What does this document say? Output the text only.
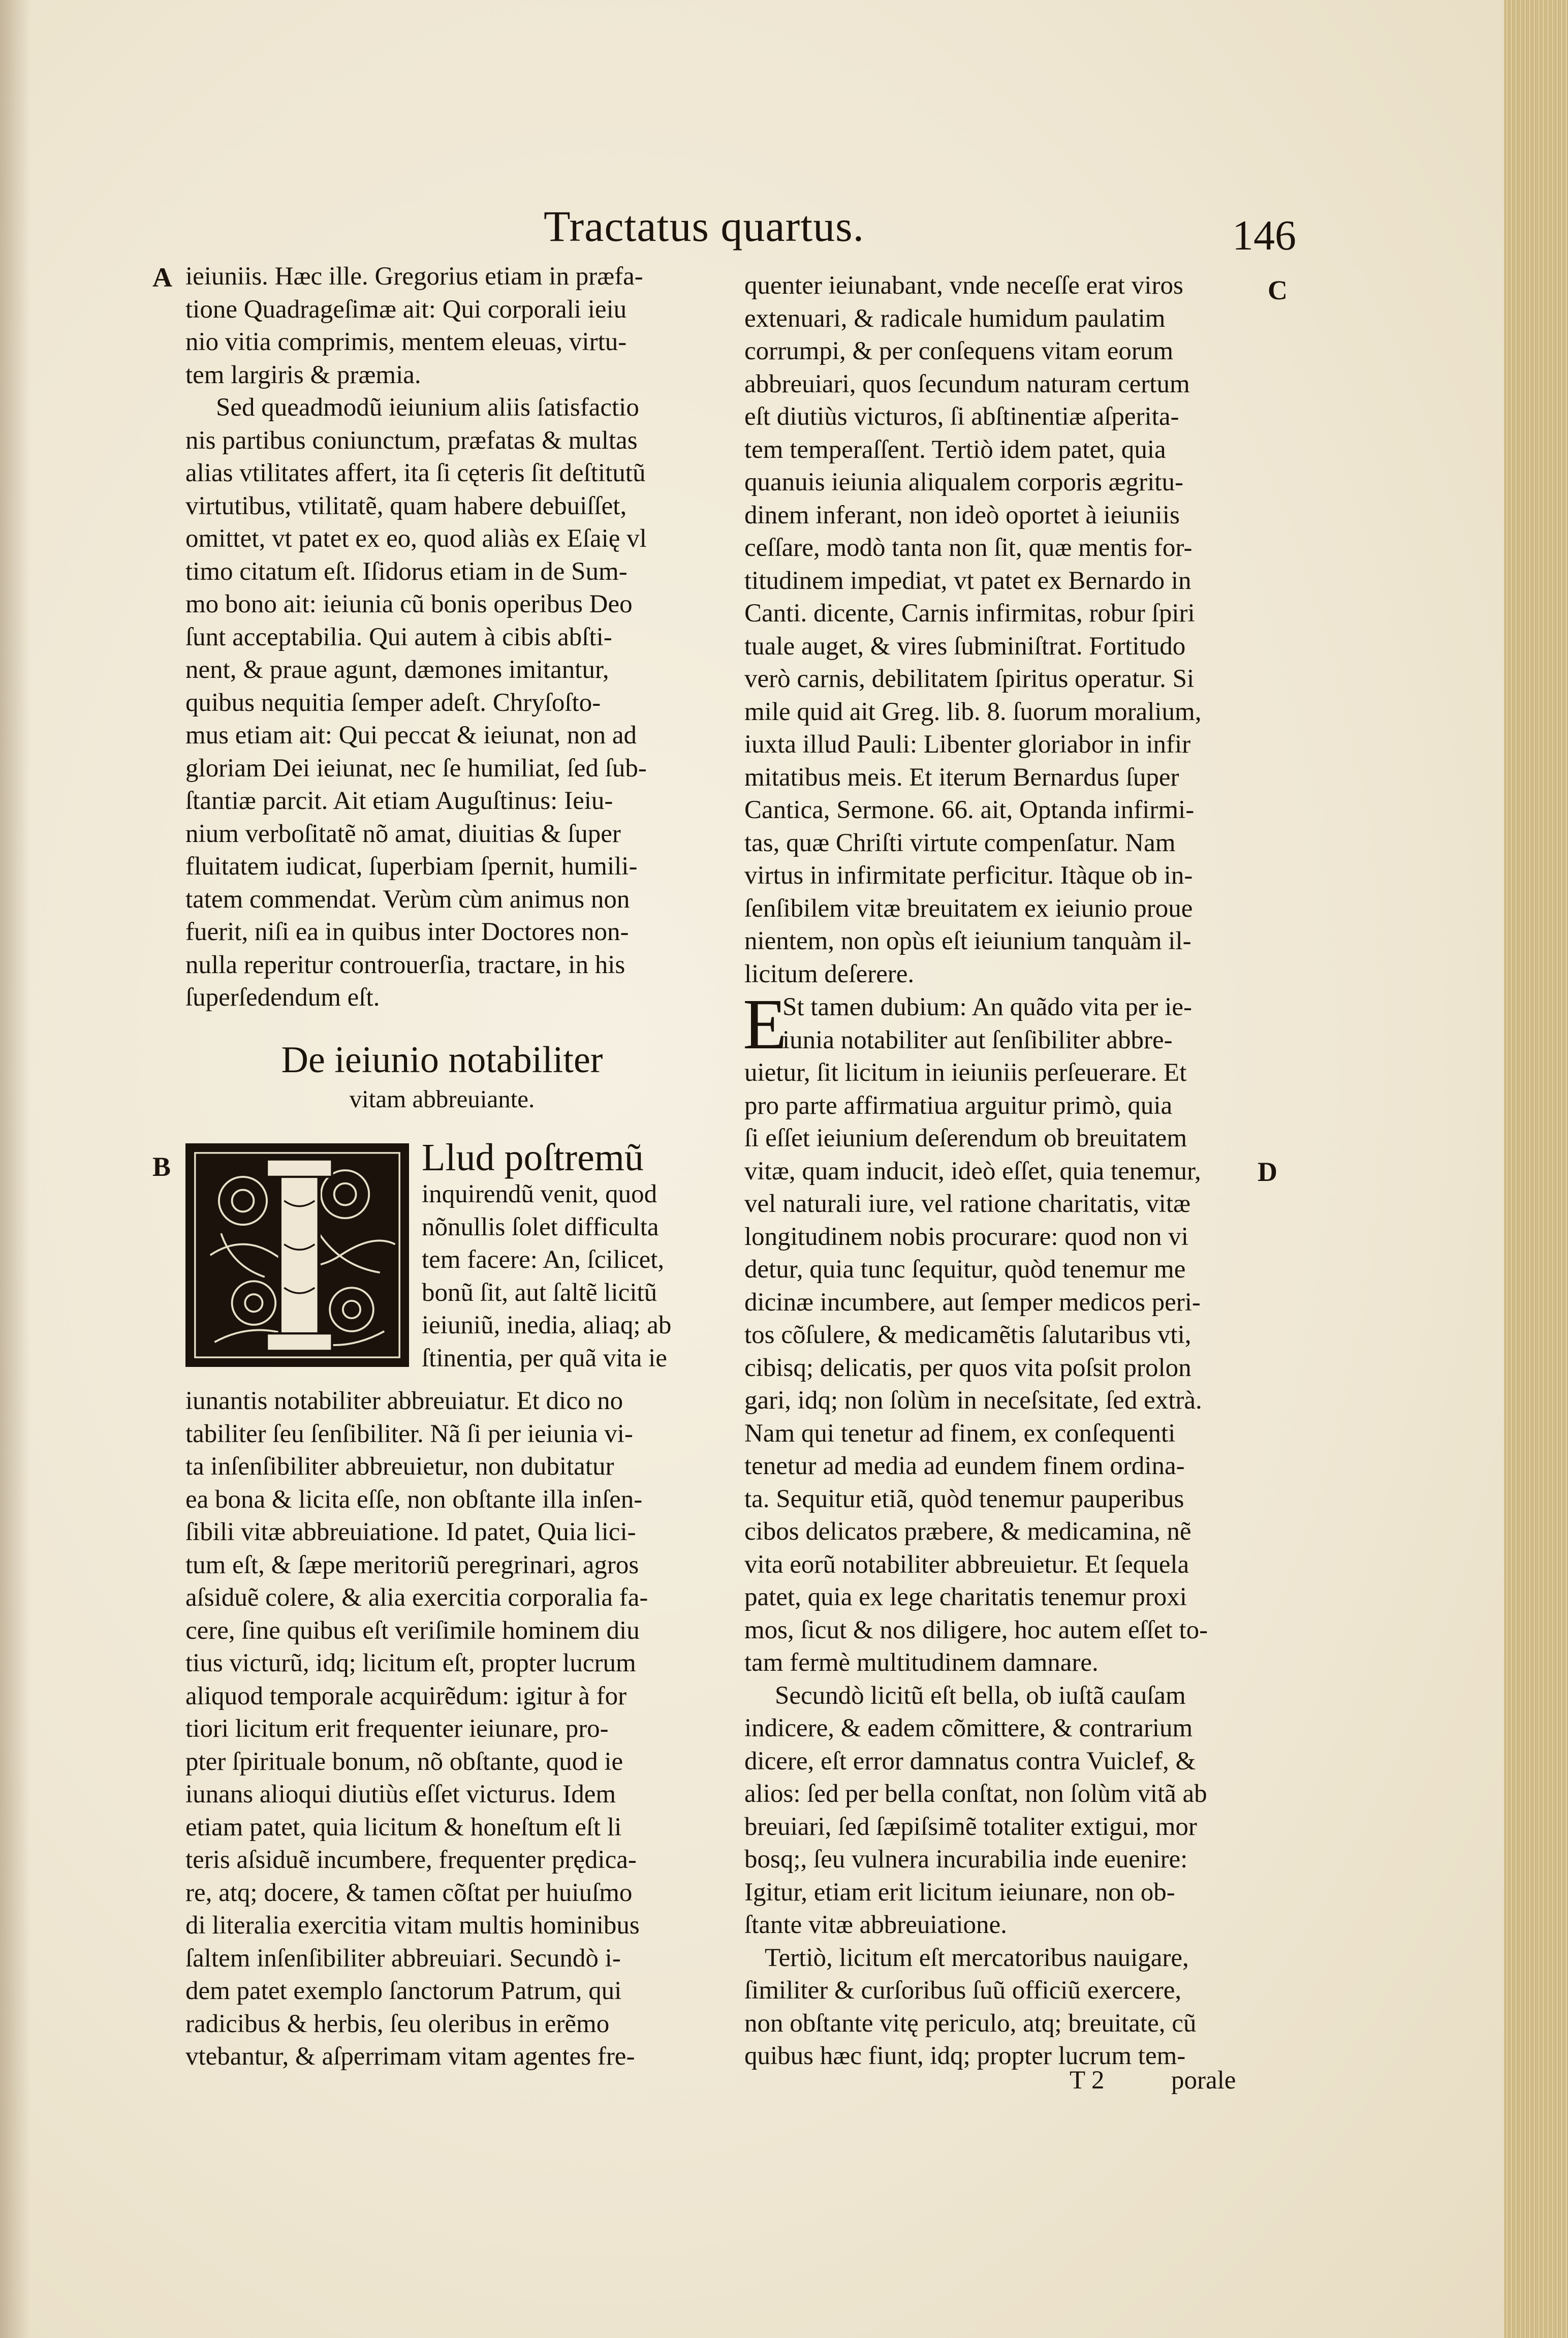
Tractatus quartus.	146
A
B
C
D
ieiuniis. Hæc ille. Gregorius etiam in præfa-
tione Quadrageſimæ ait: Qui corporali ieiu
nio vitia comprimis, mentem eleuas, virtu-
tem largiris & præmia.
Sed queadmodũ ieiunium aliis ſatisfactio
nis partibus coniunctum, præfatas & multas
alias vtilitates affert, ita ſi cęteris ſit deſtitutũ
virtutibus, vtilitatẽ, quam habere debuiſſet,
omittet, vt patet ex eo, quod aliàs ex Eſaię vl
timo citatum eſt. Iſidorus etiam in de Sum-
mo bono ait: ieiunia cũ bonis operibus Deo
ſunt acceptabilia. Qui autem à cibis abſti-
nent, & praue agunt, dæmones imitantur,
quibus nequitia ſemper adeſt. Chryſoſto-
mus etiam ait: Qui peccat & ieiunat, non ad
gloriam Dei ieiunat, nec ſe humiliat, ſed ſub-
ſtantiæ parcit. Ait etiam Auguſtinus: Ieiu-
nium verboſitatẽ nõ amat, diuitias & ſuper
fluitatem iudicat, ſuperbiam ſpernit, humili-
tatem commendat. Verùm cùm animus non
fuerit, niſi ea in quibus inter Doctores non-
nulla reperitur controuerſia, tractare, in his
ſuperſedendum eſt.
De ieiunio notabiliter
vitam abbreuiante.
Llud poſtremũ
inquirendũ venit, quod
nõnullis ſolet difficulta
tem facere: An, ſcilicet,
bonũ ſit, aut ſaltẽ licitũ
ieiuniũ, inedia, aliaq; ab
ſtinentia, per quã vita ie
iunantis notabiliter abbreuiatur. Et dico no
tabiliter ſeu ſenſibiliter. Nã ſi per ieiunia vi-
ta inſenſibiliter abbreuietur, non dubitatur
ea bona & licita eſſe, non obſtante illa inſen-
ſibili vitæ abbreuiatione. Id patet, Quia lici-
tum eſt, & ſæpe meritoriũ peregrinari, agros
aſsiduẽ colere, & alia exercitia corporalia fa-
cere, ſine quibus eſt veriſimile hominem diu
tius victurũ, idq; licitum eſt, propter lucrum
aliquod temporale acquirẽdum: igitur à for
tiori licitum erit frequenter ieiunare, pro-
pter ſpirituale bonum, nõ obſtante, quod ie
iunans alioqui diutiùs eſſet victurus. Idem
etiam patet, quia licitum & honeſtum eſt li
teris aſsiduẽ incumbere, frequenter prędica-
re, atq; docere, & tamen cõſtat per huiuſmo
di literalia exercitia vitam multis hominibus
ſaltem inſenſibiliter abbreuiari. Secundò i-
dem patet exemplo ſanctorum Patrum, qui
radicibus & herbis, ſeu oleribus in erẽmo
vtebantur, & aſperrimam vitam agentes fre-
quenter ieiunabant, vnde neceſſe erat viros
extenuari, & radicale humidum paulatim
corrumpi, & per conſequens vitam eorum
abbreuiari, quos ſecundum naturam certum
eſt diutiùs victuros, ſi abſtinentiæ aſperita-
tem temperaſſent. Tertiò idem patet, quia
quanuis ieiunia aliqualem corporis ægritu-
dinem inferant, non ideò oportet à ieiuniis
ceſſare, modò tanta non ſit, quæ mentis for-
titudinem impediat, vt patet ex Bernardo in
Canti. dicente, Carnis infirmitas, robur ſpiri
tuale auget, & vires ſubminiſtrat. Fortitudo
verò carnis, debilitatem ſpiritus operatur. Si
mile quid ait Greg. lib. 8. ſuorum moralium,
iuxta illud Pauli: Libenter gloriabor in infir
mitatibus meis. Et iterum Bernardus ſuper
Cantica, Sermone. 66. ait, Optanda infirmi-
tas, quæ Chriſti virtute compenſatur. Nam
virtus in infirmitate perficitur. Itàque ob in-
ſenſibilem vitæ breuitatem ex ieiunio proue
nientem, non opùs eſt ieiunium tanquàm il-
licitum deſerere.
E
St tamen dubium: An quãdo vita per ie-
iunia notabiliter aut ſenſibiliter abbre-
uietur, ſit licitum in ieiuniis perſeuerare. Et
pro parte affirmatiua arguitur primò, quia
ſi eſſet ieiunium deſerendum ob breuitatem
vitæ, quam inducit, ideò eſſet, quia tenemur,
vel naturali iure, vel ratione charitatis, vitæ
longitudinem nobis procurare: quod non vi
detur, quia tunc ſequitur, quòd tenemur me
dicinæ incumbere, aut ſemper medicos peri-
tos cõſulere, & medicamẽtis ſalutaribus vti,
cibisq; delicatis, per quos vita poſsit prolon
gari, idq; non ſolùm in neceſsitate, ſed extrà.
Nam qui tenetur ad finem, ex conſequenti
tenetur ad media ad eundem finem ordina-
ta. Sequitur etiã, quòd tenemur pauperibus
cibos delicatos præbere, & medicamina, nẽ
vita eorũ notabiliter abbreuietur. Et ſequela
patet, quia ex lege charitatis tenemur proxi
mos, ſicut & nos diligere, hoc autem eſſet to-
tam fermè multitudinem damnare.
Secundò licitũ eſt bella, ob iuſtã cauſam
indicere, & eadem cõmittere, & contrarium
dicere, eſt error damnatus contra Vuiclef, &
alios: ſed per bella conſtat, non ſolùm vitã ab
breuiari, ſed ſæpiſsimẽ totaliter extigui, mor
bosq;, ſeu vulnera incurabilia inde euenire:
Igitur, etiam erit licitum ieiunare, non ob-
ſtante vitæ abbreuiatione.
Tertiò, licitum eſt mercatoribus nauigare,
ſimiliter & curſoribus ſuũ officiũ exercere,
non obſtante vitę periculo, atq; breuitate, cũ
quibus hæc fiunt, idq; propter lucrum tem-
T 2	porale
